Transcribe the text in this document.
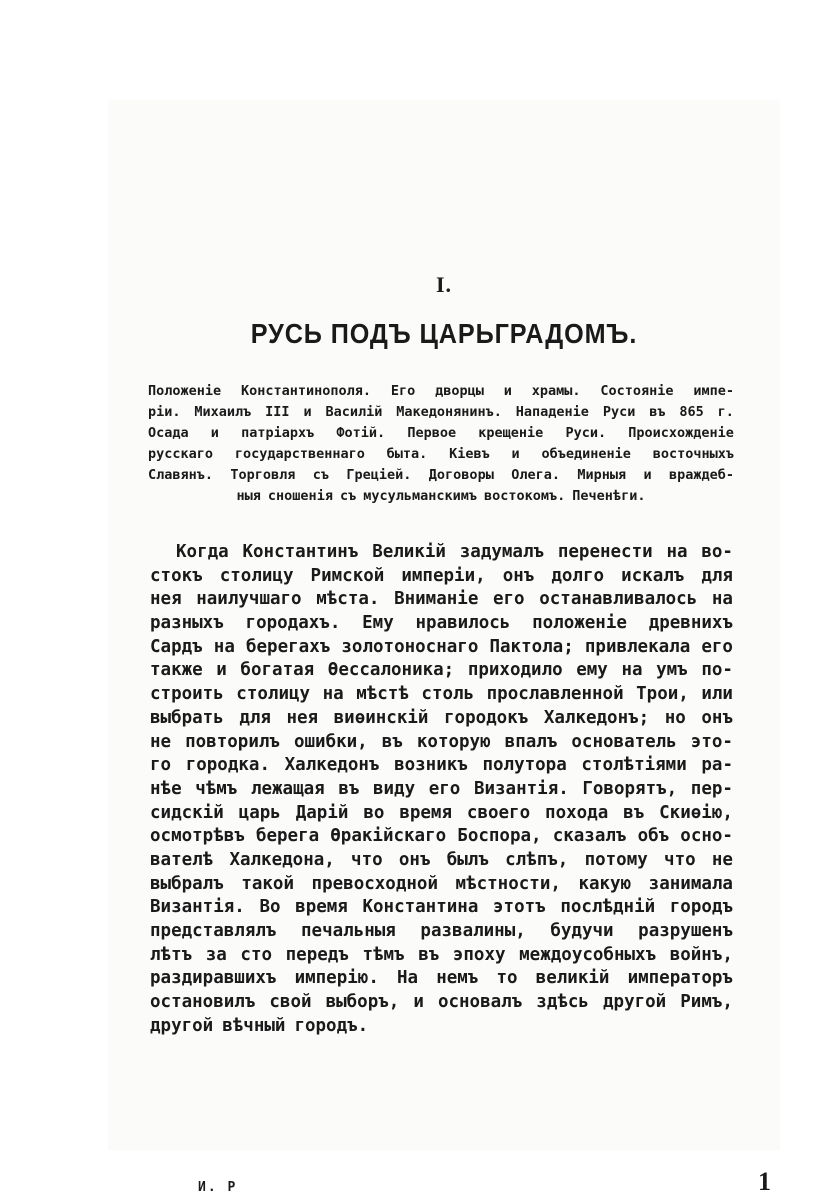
I.
РУСЬ ПОДЪ ЦАРЬГРАДОМЪ.
Положеніе Константинополя. Его дворцы и храмы. Состояніе импе-
ріи. Михаилъ III и Василій Македонянинъ. Нападеніе Руси въ 865 г.
Осада и патріархъ Фотій. Первое крещеніе Руси. Происхожденіе
русскаго государственнаго быта. Кіевъ и объединеніе восточныхъ
Славянъ. Торговля съ Греціей. Договоры Олега. Мирныя и враждеб-
ныя сношенія съ мусульманскимъ востокомъ. Печенѣги.
Когда Константинъ Великій задумалъ перенести на во-
стокъ столицу Римской имперіи, онъ долго искалъ для
нея наилучшаго мѣста. Вниманіе его останавливалось на
разныхъ городахъ. Ему нравилось положеніе древнихъ
Сардъ на берегахъ золотоноснаго Пактола; привлекала его
также и богатая Ѳессалоника; приходило ему на умъ по-
строить столицу на мѣстѣ столь прославленной Трои, или
выбрать для нея виѳинскій городокъ Халкедонъ; но онъ
не повторилъ ошибки, въ которую впалъ основатель это-
го городка. Халкедонъ возникъ полутора столѣтіями ра-
нѣе чѣмъ лежащая въ виду его Византія. Говорятъ, пер-
сидскій царь Дарій во время своего похода въ Скиѳію,
осмотрѣвъ берега Ѳракійскаго Боспора, сказалъ объ осно-
вателѣ Халкедона, что онъ былъ слѣпъ, потому что не
выбралъ такой превосходной мѣстности, какую занимала
Византія. Во время Константина этотъ послѣдній городъ
представлялъ печальныя развалины, будучи разрушенъ
лѣтъ за сто передъ тѣмъ въ эпоху междоусобныхъ войнъ,
раздиравшихъ имперію. На немъ то великій императоръ
остановилъ свой выборъ, и основалъ здѣсь другой Римъ,
другой вѣчный городъ.
И. Р	1
